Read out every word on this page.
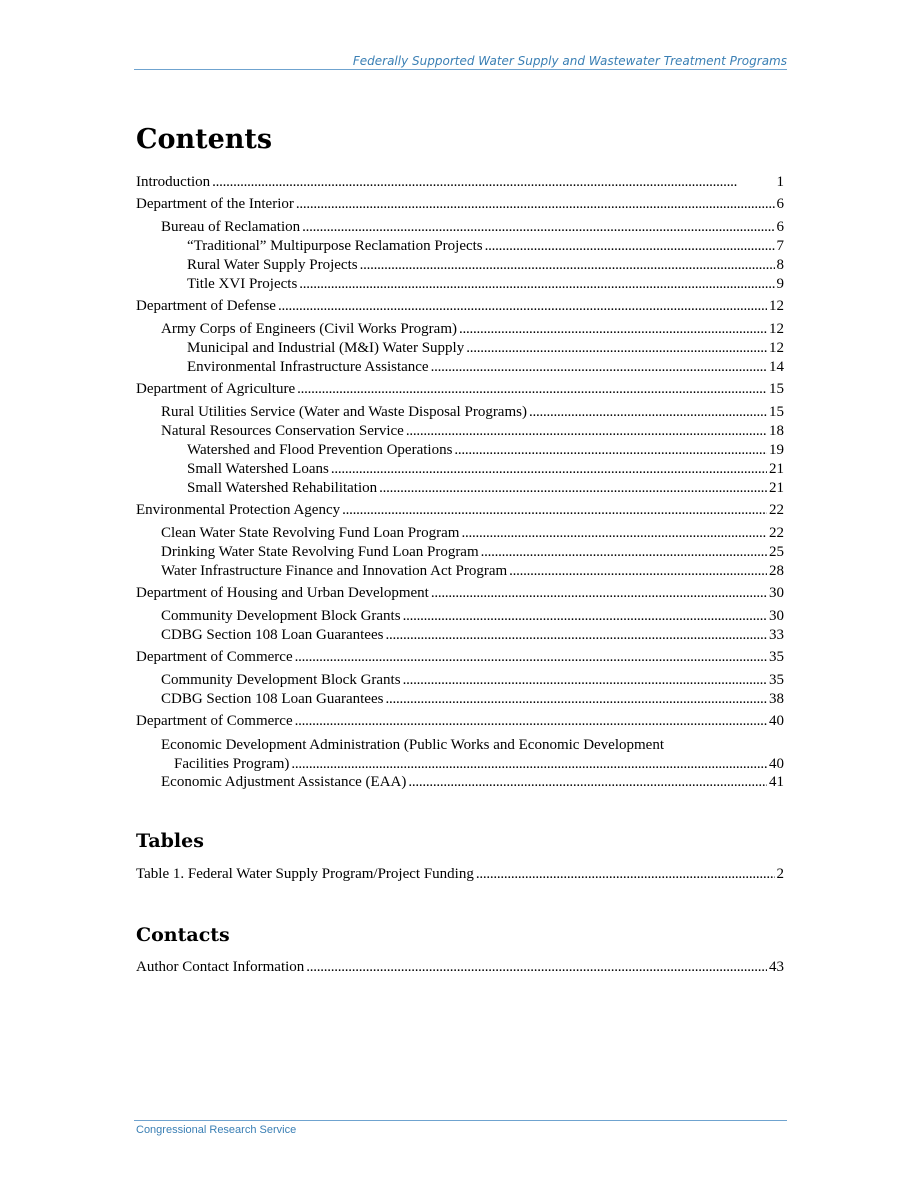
Federally Supported Water Supply and Wastewater Treatment Programs
Contents
Introduction . . .	1
Department of the Interior . . .	6
Bureau of Reclamation . . .	6
“Traditional” Multipurpose Reclamation Projects . . .	7
Rural Water Supply Projects . . .	8
Title XVI Projects . . .	9
Department of Defense . . .	12
Army Corps of Engineers (Civil Works Program) . . .	12
Municipal and Industrial (M&I) Water Supply . . .	12
Environmental Infrastructure Assistance . . .	14
Department of Agriculture . . .	15
Rural Utilities Service (Water and Waste Disposal Programs) . . .	15
Natural Resources Conservation Service . . .	18
Watershed and Flood Prevention Operations . . .	19
Small Watershed Loans . . .	21
Small Watershed Rehabilitation . . .	21
Environmental Protection Agency . . .	22
Clean Water State Revolving Fund Loan Program . . .	22
Drinking Water State Revolving Fund Loan Program . . .	25
Water Infrastructure Finance and Innovation Act Program . . .	28
Department of Housing and Urban Development . . .	30
Community Development Block Grants . . .	30
CDBG Section 108 Loan Guarantees . . .	33
Department of Commerce . . .	35
Community Development Block Grants . . .	35
CDBG Section 108 Loan Guarantees . . .	38
Department of Commerce . . .	40
Economic Development Administration (Public Works and Economic Development
Facilities Program) . . .	40
Economic Adjustment Assistance (EAA) . . .	41
Tables
Table 1. Federal Water Supply Program/Project Funding . . .	2
Contacts
Author Contact Information . . .	43
Congressional Research Service
